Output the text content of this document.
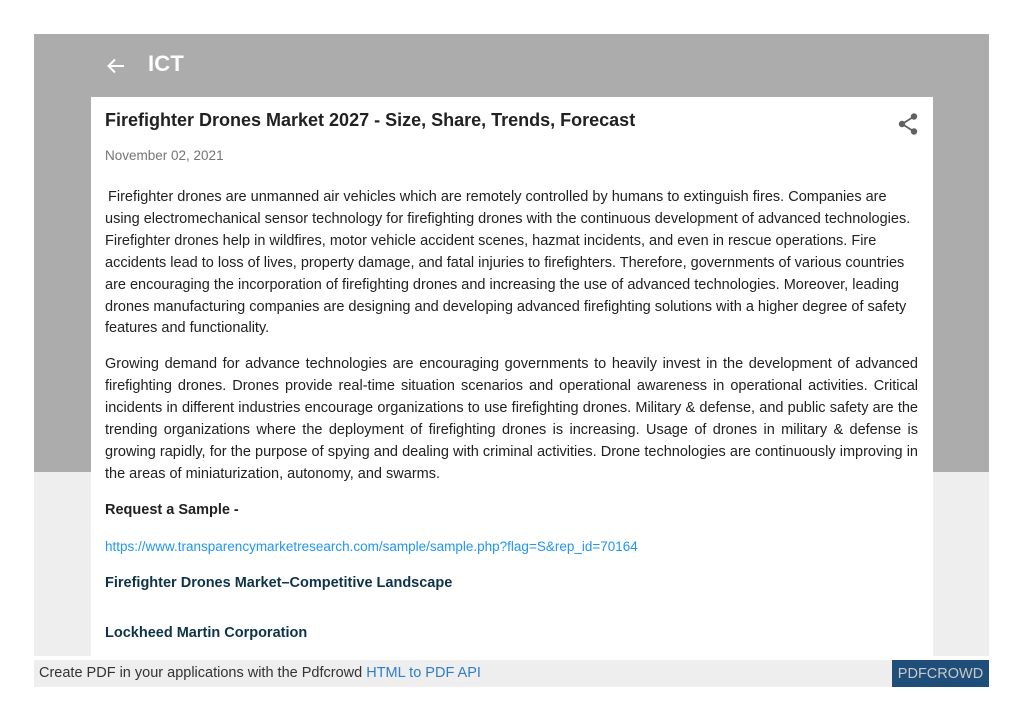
ICT
Firefighter Drones Market 2027 - Size, Share, Trends, Forecast
November 02, 2021

Firefighter drones are unmanned air vehicles which are remotely controlled by humans to extinguish fires. Companies are using electromechanical sensor technology for firefighting drones with the continuous development of advanced technologies. Firefighter drones help in wildfires, motor vehicle accident scenes, hazmat incidents, and even in rescue operations. Fire accidents lead to loss of lives, property damage, and fatal injuries to firefighters. Therefore, governments of various countries are encouraging the incorporation of firefighting drones and increasing the use of advanced technologies. Moreover, leading drones manufacturing companies are designing and developing advanced firefighting solutions with a higher degree of safety features and functionality.

Growing demand for advance technologies are encouraging governments to heavily invest in the development of advanced firefighting drones. Drones provide real-time situation scenarios and operational awareness in operational activities. Critical incidents in different industries encourage organizations to use firefighting drones. Military & defense, and public safety are the trending organizations where the deployment of firefighting drones is increasing. Usage of drones in military & defense is growing rapidly, for the purpose of spying and dealing with criminal activities. Drone technologies are continuously improving in the areas of miniaturization, autonomy, and swarms.

Request a Sample -

https://www.transparencymarketresearch.com/sample/sample.php?flag=S&rep_id=70164

Firefighter Drones Market–Competitive Landscape

Lockheed Martin Corporation

Create PDF in your applications with the Pdfcrowd HTML to PDF API	PDFCROWD
